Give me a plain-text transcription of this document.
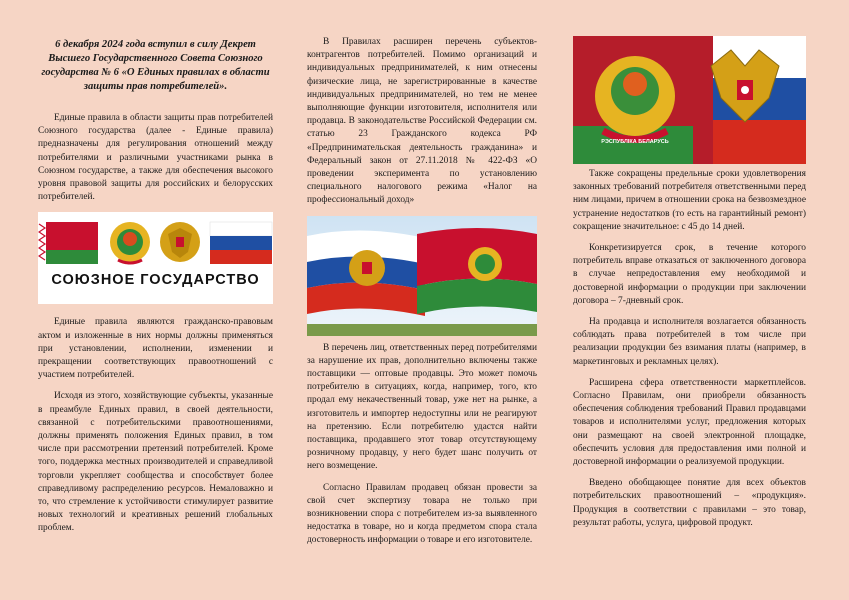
6 декабря 2024 года вступил в силу Декрет Высшего Государственного Совета Союзного государства № 6 «О Единых правилах в области защиты прав потребителей».

Единые правила в области защиты прав потребителей Союзного государства (далее - Единые правила) предназначены для регулирования отношений между потребителями и различными участниками рынка в Союзном государстве, а также для обеспечения высокого уровня правовой защиты для российских и белорусских потребителей.

СОЮЗНОЕ ГОСУДАРСТВО

Единые правила являются гражданско-правовым актом и изложенные в них нормы должны применяться при установлении, исполнении, изменении и прекращении соответствующих правоотношений с участием потребителей.

Исходя из этого, хозяйствующие субъекты, указанные в преамбуле Единых правил, в своей деятельности, связанной с потребительскими правоотношениями, должны применять положения Единых правил, в том числе при рассмотрении претензий потребителей. Кроме того, поддержка местных производителей и справедливой торговли укрепляет сообщества и способствует более справедливому распределению ресурсов. Немаловажно и то, что стремление к устойчивости стимулирует развитие новых технологий и креативных решений глобальных проблем.

В Правилах расширен перечень субъектов-контрагентов потребителей. Помимо организаций и индивидуальных предпринимателей, к ним отнесены физические лица, не зарегистрированные в качестве индивидуальных предпринимателей, но тем не менее выполняющие функции изготовителя, исполнителя или продавца. В законодательстве Российской Федерации см. статью 23 Гражданского кодекса РФ «Предпринимательская деятельность гражданина» и Федеральный закон от 27.11.2018 № 422-ФЗ «О проведении эксперимента по установлению специального налогового режима «Налог на профессиональный доход»

В перечень лиц, ответственных перед потребителями за нарушение их прав, дополнительно включены также поставщики — оптовые продавцы. Это может помочь потребителю в ситуациях, когда, например, того, кто продал ему некачественный товар, уже нет на рынке, а изготовитель и импортер недоступны или не реагируют на претензию. Если потребителю удастся найти поставщика, продавшего этот товар отсутствующему розничному продавцу, у него будет шанс получить от него возмещение.

Согласно Правилам продавец обязан провести за свой счет экспертизу товара не только при возникновении спора с потребителем из-за выявленного недостатка в товаре, но и когда предметом спора стала достоверность информации о товаре и его изготовителе.

РЭСПУБЛІКА БЕЛАРУСЬ

Также сокращены предельные сроки удовлетворения законных требований потребителя ответственными перед ним лицами, причем в отношении срока на безвозмездное устранение недостатков (то есть на гарантийный ремонт) сокращение значительное: с 45 до 14 дней.

Конкретизируется срок, в течение которого потребитель вправе отказаться от заключенного договора в случае непредоставления ему необходимой и достоверной информации о продукции при заключении договора – 7-дневный срок.

На продавца и исполнителя возлагается обязанность соблюдать права потребителей в том числе при реализации продукции без взимания платы (например, в маркетинговых и рекламных целях).

Расширена сфера ответственности маркетплейсов. Согласно Правилам, они приобрели обязанность обеспечения соблюдения требований Правил продавцами товаров и исполнителями услуг, предложения которых они размещают на своей электронной площадке, обеспечить условия для предоставления ими полной и достоверной информации о реализуемой продукции.

Введено обобщающее понятие для всех объектов потребительских правоотношений – «продукция». Продукция в соответствии с правилами – это товар, результат работы, услуга, цифровой продукт.
